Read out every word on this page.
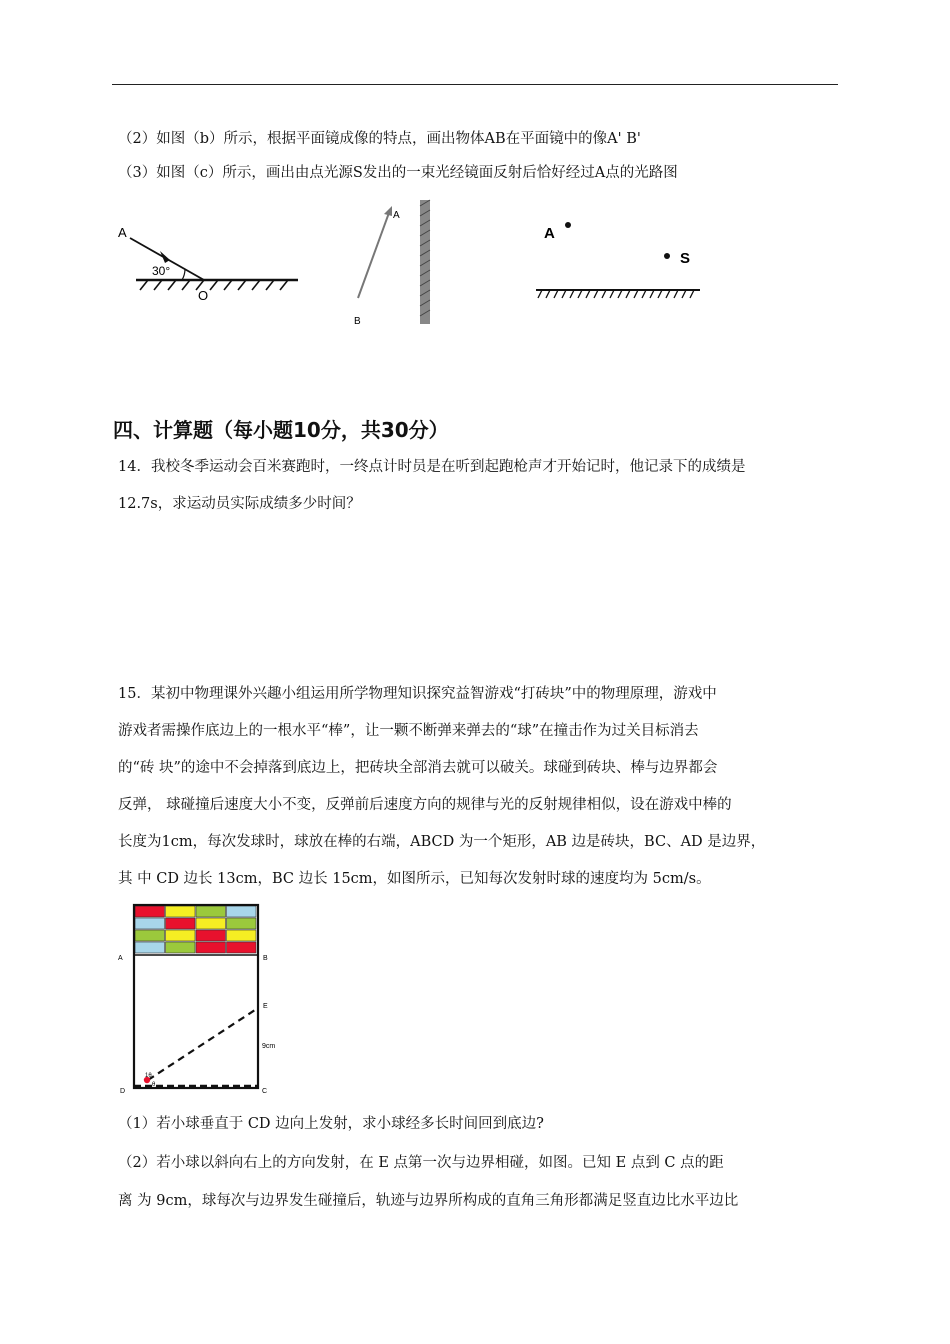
（2）如图（b）所示，根据平面镜成像的特点，画出物体AB在平面镜中的像A' B'
（3）如图（c）所示，画出由点光源S发出的一束光经镜面反射后恰好经过A点的光路图
A
30°
O
A
B
A
S
四、计算题（每小题10分，共30分）
14．我校冬季运动会百米赛跑时，一终点计时员是在听到起跑枪声才开始记时，他记录下的成绩是
12.7s，求运动员实际成绩多少时间？
15．某初中物理课外兴趣小组运用所学物理知识探究益智游戏“打砖块”中的物理原理，游戏中
游戏者需操作底边上的一根水平“棒”，让一颗不断弹来弹去的“球”在撞击作为过关目标消去
的“砖 块”的途中不会掉落到底边上，把砖块全部消去就可以破关。球碰到砖块、棒与边界都会
反弹， 球碰撞后速度大小不变，反弹前后速度方向的规律与光的反射规律相似，设在游戏中棒的
长度为1cm，每次发球时，球放在棒的右端，ABCD 为一个矩形，AB 边是砖块，BC、AD 是边界，
其 中 CD 边长 13cm，BC 边长 15cm，如图所示，已知每次发射时球的速度均为 5cm/s。
1θ
θ
A	B
E
9cm
D	C
（1）若小球垂直于 CD 边向上发射，求小球经多长时间回到底边?
（2）若小球以斜向右上的方向发射，在 E 点第一次与边界相碰，如图。已知 E 点到 C 点的距
离 为 9cm，球每次与边界发生碰撞后，轨迹与边界所构成的直角三角形都满足竖直边比水平边比
